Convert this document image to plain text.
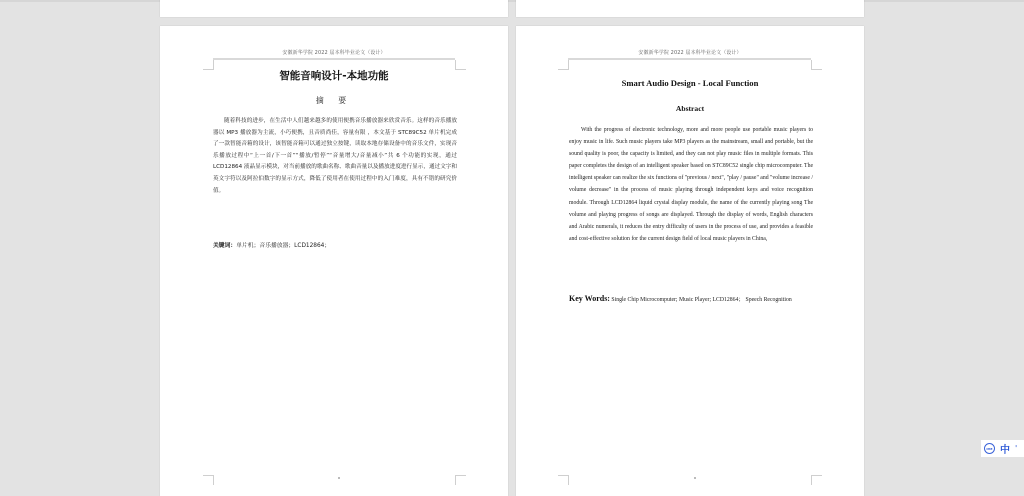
安徽新华学院 2022 届本科毕业论文（设计）
智能音响设计-本地功能
摘 要
随着科技的进步，在生活中人们越来越多的使用便携音乐播放器来欣赏音乐。这样的音乐播放器以 MP3 播放器为主流，小巧便携，且音质尚佳，容量有限 ，本文基于 STC89C52 单片机完成了一款智能音箱的设计，该智能音箱可以通过独立按键，读取本地存储设备中的音乐文件，实现音乐播放过程中“上一首/下一首”“播放/暂停”“音量增大/音量减小”共 6 个功能的实现，通过 LCD12864 液晶显示模块，对当前播放的歌曲名称、歌曲音量以及播放进度进行显示，通过文字和英文字符以及阿拉伯数字的显示方式，降低了使用者在使用过程中的入门难度，具有不错的研究价值。
关键词：单片机；音乐播放器；LCD12864；
安徽新华学院 2022 届本科毕业论文（设计）
Smart Audio Design - Local Function
Abstract
With the progress of electronic technology, more and more people use portable music players to enjoy music in life. Such music players take MP3 players as the mainstream, small and portable, but the sound quality is poor, the capacity is limited, and they can not play music files in multiple formats. This paper completes the design of an intelligent speaker based on STC89C52 single chip microcomputer. The intelligent speaker can realize the six functions of "previous / next", "play / pause" and "volume increase / volume decrease" in the process of music playing through independent keys and voice recognition module. Through LCD12864 liquid crystal display module, the name of the currently playing song The volume and playing progress of songs are displayed. Through the display of words, English characters and Arabic numerals, it reduces the entry difficulty of users in the process of use, and provides a feasible and cost-effective solution for the current design field of local music players in China,
Key Words: Single Chip Microcomputer; Music Player; LCD12864； Speech Recognition
IME 中 '
